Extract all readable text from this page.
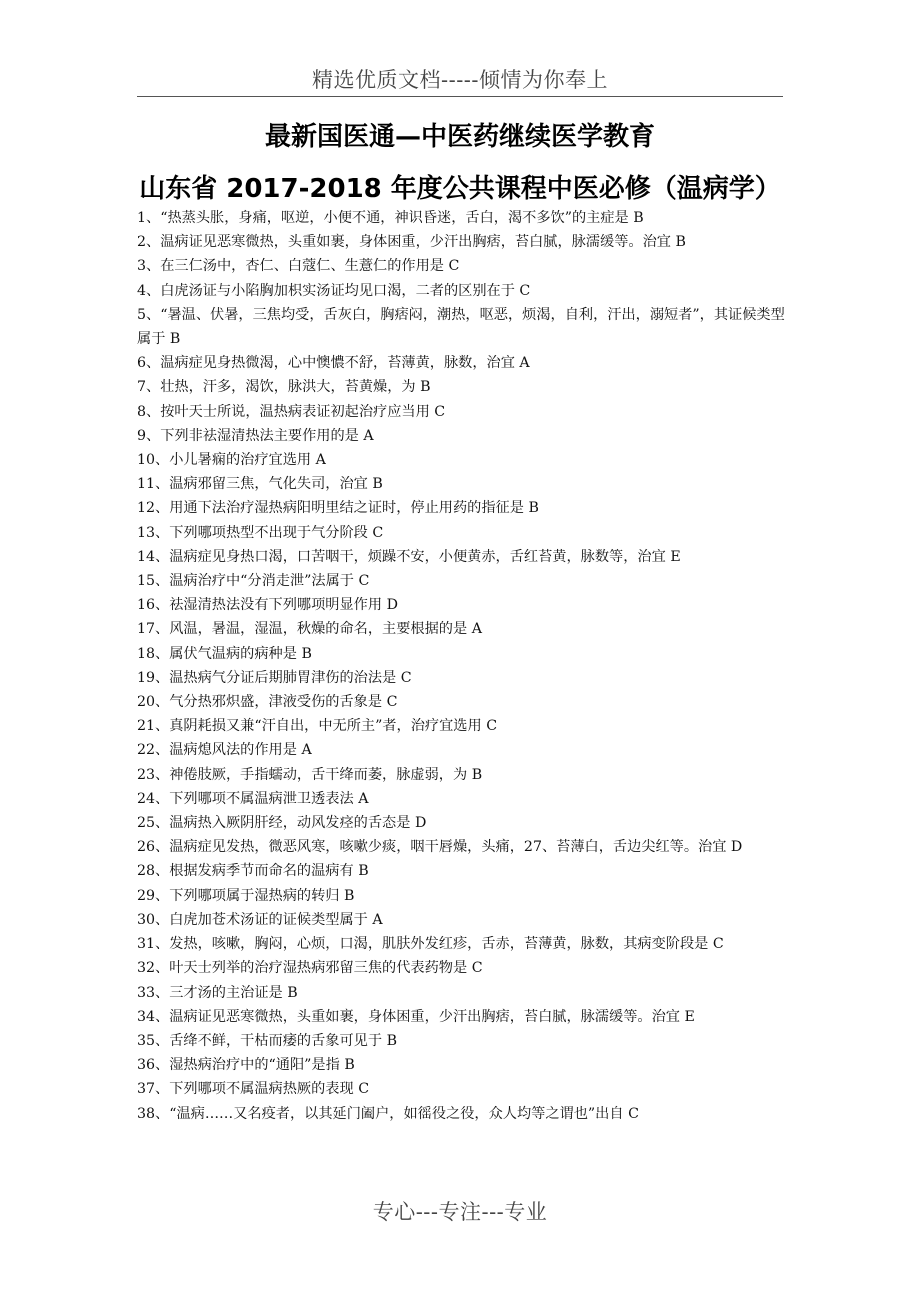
精选优质文档-----倾情为你奉上
最新国医通—中医药继续医学教育
山东省 2017-2018 年度公共课程中医必修（温病学）
1、“热蒸头胀，身痛，呕逆，小便不通，神识昏迷，舌白，渴不多饮”的主症是 B
2、温病证见恶寒微热，头重如裹，身体困重，少汗出胸痞，苔白腻，脉濡缓等。治宜 B
3、在三仁汤中，杏仁、白蔻仁、生薏仁的作用是 C
4、白虎汤证与小陷胸加枳实汤证均见口渴，二者的区别在于 C
5、“暑温、伏暑，三焦均受，舌灰白，胸痞闷，潮热，呕恶，烦渴，自利，汗出，溺短者”，其证候类型属于 B
6、温病症见身热微渴，心中懊憹不舒，苔薄黄，脉数，治宜 A
7、壮热，汗多，渴饮，脉洪大，苔黄燥，为 B
8、按叶天士所说，温热病表证初起治疗应当用 C
9、下列非祛湿清热法主要作用的是 A
10、小儿暑痫的治疗宜选用 A
11、温病邪留三焦，气化失司，治宜 B
12、用通下法治疗湿热病阳明里结之证时，停止用药的指征是 B
13、下列哪项热型不出现于气分阶段 C
14、温病症见身热口渴，口苦咽干，烦躁不安，小便黄赤，舌红苔黄，脉数等，治宜 E
15、温病治疗中“分消走泄”法属于 C
16、祛湿清热法没有下列哪项明显作用 D
17、风温，暑温，湿温，秋燥的命名，主要根据的是 A
18、属伏气温病的病种是 B
19、温热病气分证后期肺胃津伤的治法是 C
20、气分热邪炽盛，津液受伤的舌象是 C
21、真阴耗损又兼“汗自出，中无所主”者，治疗宜选用 C
22、温病熄风法的作用是 A
23、神倦肢厥，手指蠕动，舌干绛而萎，脉虚弱，为 B
24、下列哪项不属温病泄卫透表法 A
25、温病热入厥阴肝经，动风发痉的舌态是 D
26、温病症见发热，微恶风寒，咳嗽少痰，咽干唇燥，头痛，27、苔薄白，舌边尖红等。治宜 D
28、根据发病季节而命名的温病有 B
29、下列哪项属于湿热病的转归 B
30、白虎加苍术汤证的证候类型属于 A
31、发热，咳嗽，胸闷，心烦，口渴，肌肤外发红疹，舌赤，苔薄黄，脉数，其病变阶段是 C
32、叶天士列举的治疗湿热病邪留三焦的代表药物是 C
33、三才汤的主治证是 B
34、温病证见恶寒微热，头重如裹，身体困重，少汗出胸痞，苔白腻，脉濡缓等。治宜 E
35、舌绛不鲜，干枯而痿的舌象可见于 B
36、湿热病治疗中的“通阳”是指 B
37、下列哪项不属温病热厥的表现 C
38、“温病……又名疫者，以其延门阖户，如徭役之役，众人均等之谓也”出自 C
专心---专注---专业
